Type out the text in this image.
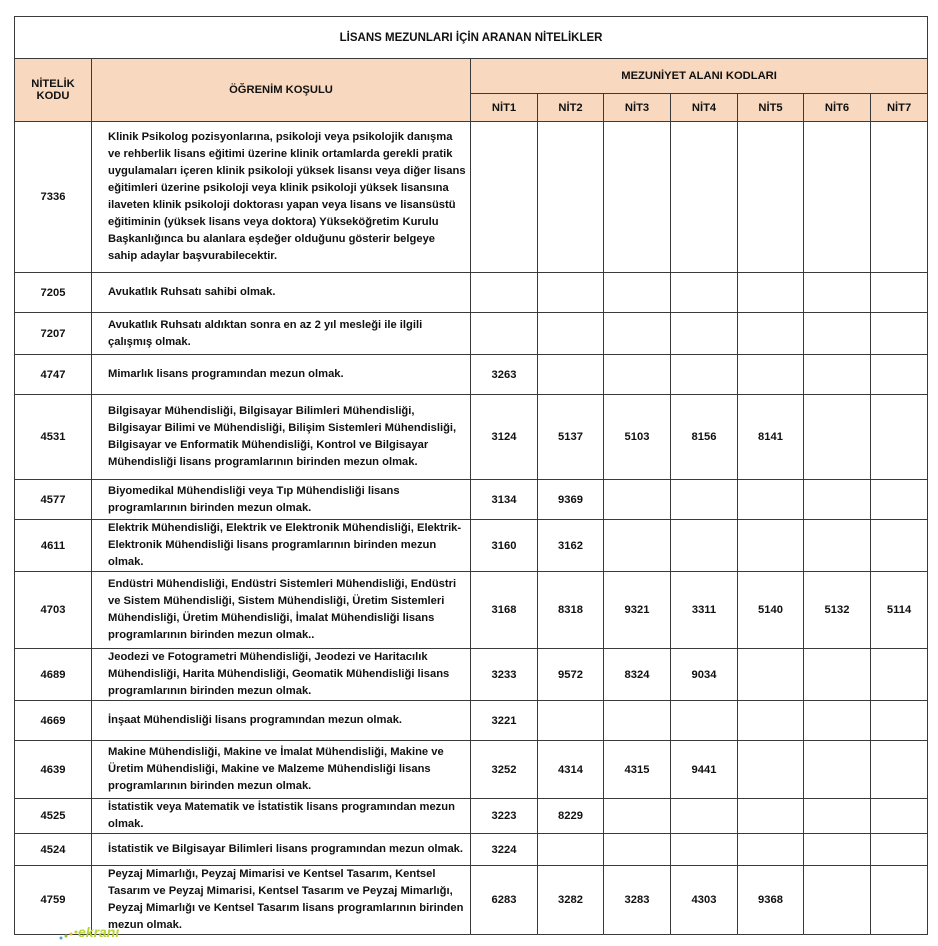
LİSANS MEZUNLARI İÇİN ARANAN NİTELİKLER								
NİTELİK KODU	ÖĞRENİM KOŞULU	MEZUNİYET ALANI KODLARI						
		NİT1	NİT2	NİT3	NİT4	NİT5	NİT6	NİT7
7336	Klinik Psikolog pozisyonlarına, psikoloji veya psikolojik danışma ve rehberlik lisans eğitimi üzerine klinik ortamlarda gerekli pratik uygulamaları içeren klinik psikoloji yüksek lisansı veya diğer lisans eğitimleri üzerine psikoloji veya klinik psikoloji yüksek lisansına ilaveten klinik psikoloji doktorası yapan veya lisans ve lisansüstü eğitiminin (yüksek lisans veya doktora) Yükseköğretim Kurulu Başkanlığınca bu alanlara eşdeğer olduğunu gösterir belgeye sahip adaylar başvurabilecektir.							
7205	Avukatlık Ruhsatı sahibi olmak.							
7207	Avukatlık Ruhsatı aldıktan sonra en az 2 yıl mesleği ile ilgili çalışmış olmak.							
4747	Mimarlık lisans programından mezun olmak.	3263						
4531	Bilgisayar Mühendisliği, Bilgisayar Bilimleri Mühendisliği, Bilgisayar Bilimi ve Mühendisliği, Bilişim Sistemleri Mühendisliği, Bilgisayar ve Enformatik Mühendisliği, Kontrol ve Bilgisayar Mühendisliği lisans programlarının birinden mezun olmak.	3124	5137	5103	8156	8141		
4577	Biyomedikal Mühendisliği veya Tıp Mühendisliği lisans programlarının birinden mezun olmak.	3134	9369					
4611	Elektrik Mühendisliği, Elektrik ve Elektronik Mühendisliği, Elektrik-Elektronik Mühendisliği lisans programlarının birinden mezun olmak.	3160	3162					
4703	Endüstri Mühendisliği, Endüstri Sistemleri Mühendisliği, Endüstri ve Sistem Mühendisliği, Sistem Mühendisliği, Üretim Sistemleri Mühendisliği, Üretim Mühendisliği, İmalat Mühendisliği lisans programlarının birinden mezun olmak..	3168	8318	9321	3311	5140	5132	5114
4689	Jeodezi ve Fotogrametri Mühendisliği, Jeodezi ve Haritacılık Mühendisliği, Harita Mühendisliği, Geomatik Mühendisliği lisans programlarının birinden mezun olmak.	3233	9572	8324	9034			
4669	İnşaat Mühendisliği lisans programından mezun olmak.	3221						
4639	Makine Mühendisliği, Makine ve İmalat Mühendisliği, Makine ve Üretim Mühendisliği, Makine ve Malzeme Mühendisliği lisans programlarının birinden mezun olmak.	3252	4314	4315	9441			
4525	İstatistik veya Matematik ve İstatistik lisans programından mezun olmak.	3223	8229					
4524	İstatistik ve Bilgisayar Bilimleri lisans programından mezun olmak.	3224						
4759	Peyzaj Mimarlığı, Peyzaj Mimarisi ve Kentsel Tasarım, Kentsel Tasarım ve Peyzaj Mimarisi, Kentsel Tasarım ve Peyzaj Mimarlığı, Peyzaj Mimarlığı ve Kentsel Tasarım lisans programlarının birinden mezun olmak.	6283	3282	3283	4303	9368		
ekranı
